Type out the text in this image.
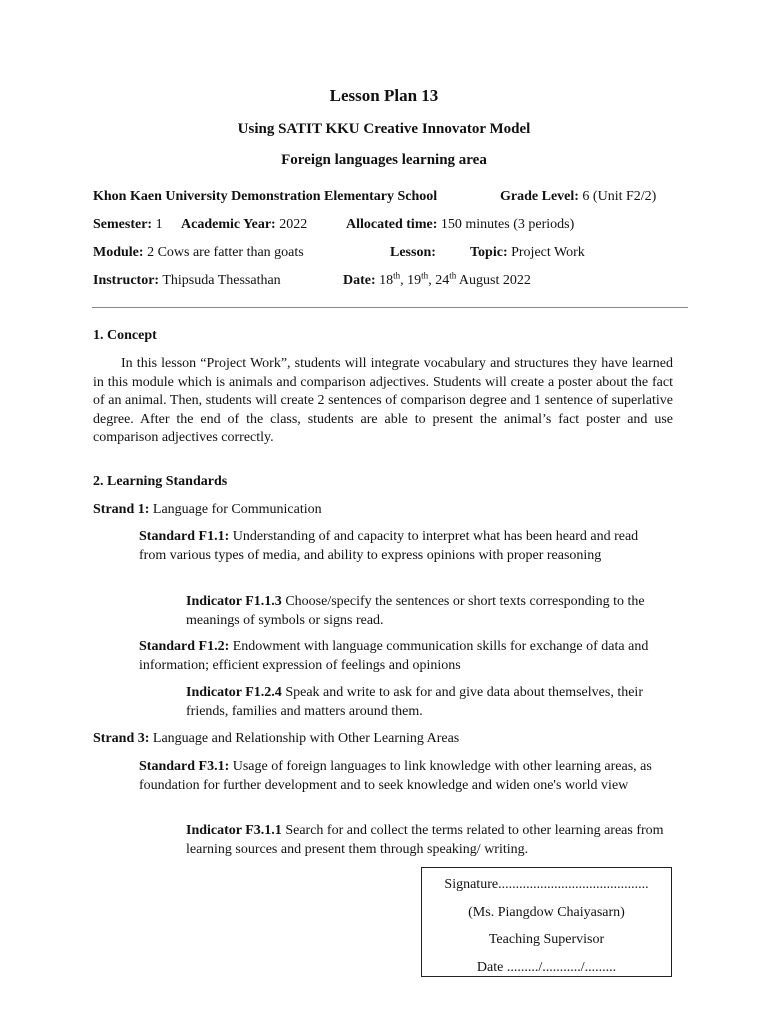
Lesson Plan 13
Using SATIT KKU Creative Innovator Model
Foreign languages learning area
Khon Kaen University Demonstration Elementary School	Grade Level: 6 (Unit F2/2)
Semester: 1 Academic Year: 2022	Allocated time: 150 minutes (3 periods)
Module: 2 Cows are fatter than goats	Lesson: Topic: Project Work
Instructor: Thipsuda Thessathan	Date: 18th, 19th, 24th August 2022
1. Concept
In this lesson “Project Work”, students will integrate vocabulary and structures they have learned in this module which is animals and comparison adjectives. Students will create a poster about the fact of an animal. Then, students will create 2 sentences of comparison degree and 1 sentence of superlative degree. After the end of the class, students are able to present the animal’s fact poster and use comparison adjectives correctly.
2. Learning Standards
Strand 1: Language for Communication
Standard F1.1: Understanding of and capacity to interpret what has been heard and read from various types of media, and ability to express opinions with proper reasoning
Indicator F1.1.3 Choose/specify the sentences or short texts corresponding to the meanings of symbols or signs read.
Standard F1.2: Endowment with language communication skills for exchange of data and information; efficient expression of feelings and opinions
Indicator F1.2.4 Speak and write to ask for and give data about themselves, their friends, families and matters around them.
Strand 3: Language and Relationship with Other Learning Areas
Standard F3.1: Usage of foreign languages to link knowledge with other learning areas, as foundation for further development and to seek knowledge and widen one's world view
Indicator F3.1.1 Search for and collect the terms related to other learning areas from learning sources and present them through speaking/ writing.
Signature...........................................
(Ms. Piangdow Chaiyasarn)
Teaching Supervisor
Date ........./.........../.........
